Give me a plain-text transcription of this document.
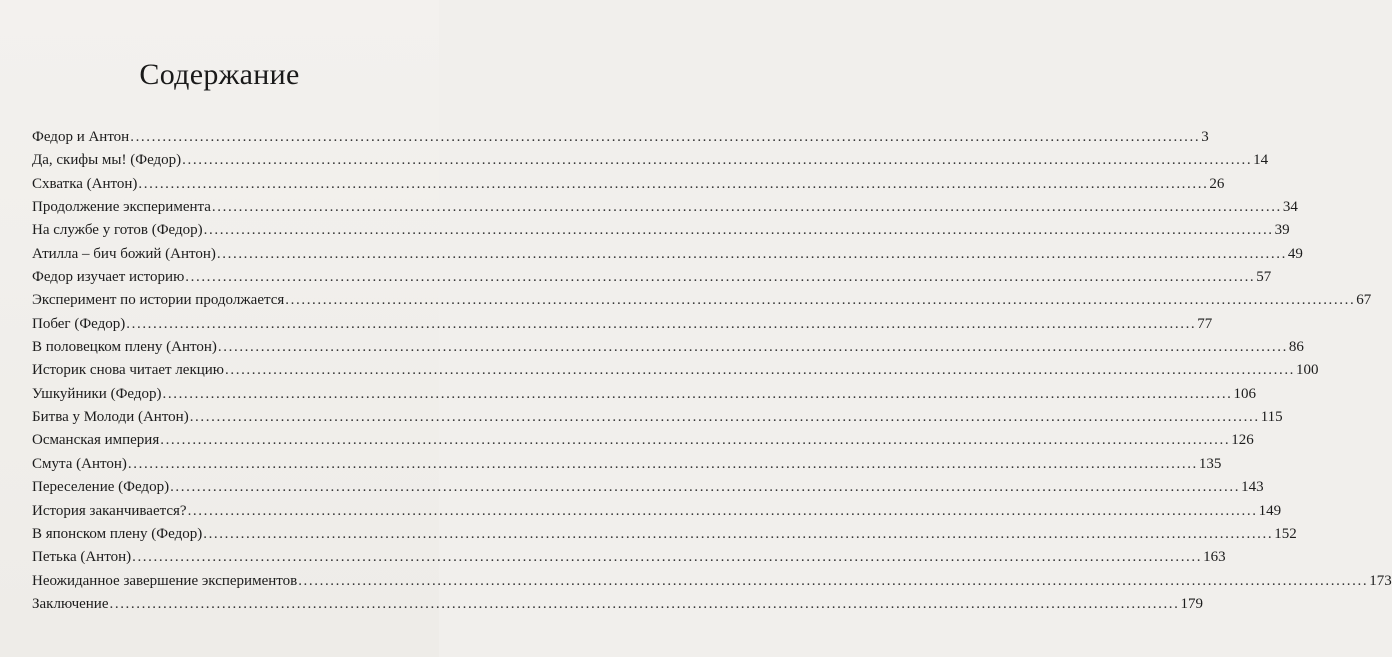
Содержание
Федор и Антон ........................................................................................................................................................................................................ 3
Да, скифы мы! (Федор) ........................................................................................................................................................................................................ 14
Схватка (Антон) ........................................................................................................................................................................................................ 26
Продолжение эксперимента ........................................................................................................................................................................................................ 34
На службе у готов (Федор) ........................................................................................................................................................................................................ 39
Атилла – бич божий (Антон) ........................................................................................................................................................................................................ 49
Федор изучает историю ........................................................................................................................................................................................................ 57
Эксперимент по истории продолжается ........................................................................................................................................................................................................ 67
Побег (Федор) ........................................................................................................................................................................................................ 77
В половецком плену (Антон) ........................................................................................................................................................................................................ 86
Историк снова читает лекцию ........................................................................................................................................................................................................ 100
Ушкуйники (Федор) ........................................................................................................................................................................................................ 106
Битва у Молоди (Антон) ........................................................................................................................................................................................................ 115
Османская империя ........................................................................................................................................................................................................ 126
Смута (Антон) ........................................................................................................................................................................................................ 135
Переселение (Федор) ........................................................................................................................................................................................................ 143
История заканчивается? ........................................................................................................................................................................................................ 149
В японском плену (Федор) ........................................................................................................................................................................................................ 152
Петька (Антон) ........................................................................................................................................................................................................ 163
Неожиданное завершение экспериментов ........................................................................................................................................................................................................ 173
Заключение ........................................................................................................................................................................................................ 179
